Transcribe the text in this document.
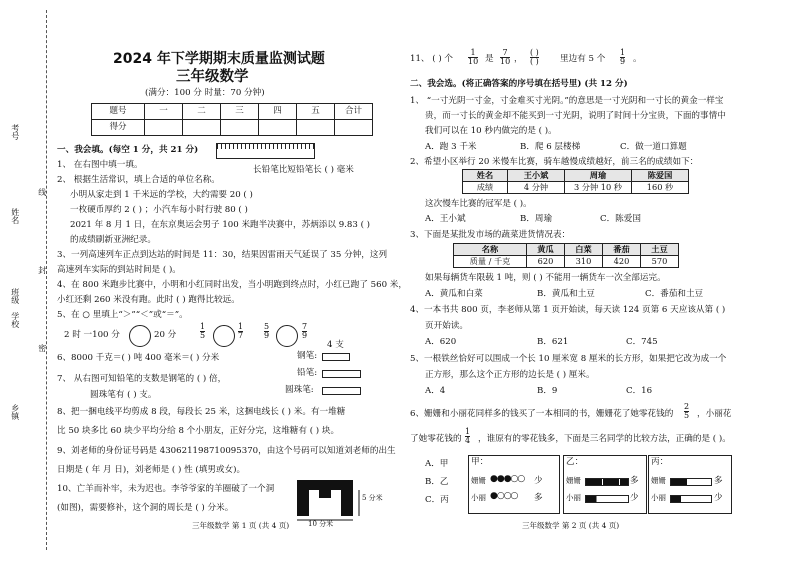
考号
姓名
班级
学校
乡镇
线
封
密
2024 年下学期期末质量监测试题
三年级数学
(满分：100 分 时量：70 分钟)
题号	一	二	三	四	五	合计
得分						
一、我会填。(每空 1 分，共 21 分)
长铅笔比短铅笔长 ( ) 毫米
1、 在右图中填一填。
2、 根据生活常识，填上合适的单位名称。
小明从家走到 1 千米远的学校，大约需要 20 ( )
一枚硬币厚约 2 ( ) ；小汽车每小时行驶 80 ( )
2021 年 8 月 1 日，在东京奥运会男子 100 米跑半决赛中，苏炳添以 9.83 ( )
的成绩刷新亚洲纪录。
3、一列高速列车正点到达站的时间是 11：30，结果因雷雨天气延误了 35 分钟，这列
高速列车实际的到站时间是 ( )。
4、在 800 米跑步比赛中，小明和小红同时出发，当小明跑到终点时，小红已跑了 560 米，
小红还剩 260 米没有跑。此时 ( ) 跑得比较远。
5、在 ○ 里填上“＞”“＜”或“＝”。
2 时 一100 分	20 分	$\frac{1}{5}$	$\frac{1}{7}$	$\frac{5}{9}$	$\frac{7}{9}$
6、8000 千克＝( ) 吨 400 毫米＝( ) 分米
7、 从右图可知铅笔的支数是钢笔的 ( ) 倍，
圆珠笔有 ( ) 支。
4 支
钢笔:
铅笔:
圆珠笔:
8、把一捆电线平均剪成 8 段，每段长 25 米，这捆电线长 ( ) 米。有一堆糖
比 50 块多比 60 块少平均分给 8 个小朋友，正好分完，这堆糖有 ( ) 块。
9、刘老师的身份证号码是 430621198710095370，由这个号码可以知道刘老师的出生
日期是 ( 年 月 日)，刘老师是 ( ) 性 (填男或女)。
10、亡羊而补牢，未为迟也。李爷爷家的羊圈破了一个洞
(如图)，需要修补，这个洞的周长是 ( ) 分米。
5 分米
10 分米
三年级数学 第 1 页 (共 4 页)
11、 ( ) 个 $\frac{1}{10}$ 是 $\frac{7}{10}$ ，
( )
( ) 里边有 5 个 $\frac{1}{9}$ 。
二、我会选。(将正确答案的序号填在括号里) (共 12 分)
1、 “一寸光阴一寸金，寸金难买寸光阴。”的意思是一寸光阴和一寸长的黄金一样宝
贵，而一寸长的黄金却不能买到一寸光阴，说明了时间十分宝贵，下面的事情中
我们可以在 10 秒内做完的是 ( )。
A．跑 3 千米	B．爬 6 层楼梯	C．做一道口算题
2、希望小区举行 20 米慢车比赛，骑车越慢成绩越好，前三名的成绩如下：
姓名	王小斌	周瑜	陈爱国
成绩	4 分钟	3 分钟 10 秒	160 秒
这次慢车比赛的冠军是 ( )。
A．王小斌	B．周瑜	C．陈爱国
3、下面是某批发市场的蔬菜进货情况表：
名称	黄瓜	白菜	番茄	土豆
质量 / 千克	620	310	420	570
如果每辆货车限载 1 吨，则 ( ) 不能用一辆货车一次全部运完。
A．黄瓜和白菜	B．黄瓜和土豆	C．番茄和土豆
4、一本书共 800 页，李老师从第 1 页开始读，每天读 124 页第 6 天应该从第 ( )
页开始读。
A．620	B．621	C．745
5、一根铁丝恰好可以围成一个长 10 厘米宽 8 厘米的长方形，如果把它改为成一个
正方形，那么这个正方形的边长是 ( ) 厘米。
A．4	B．9	C．16
6、姗姗和小丽花同样多的钱买了一本相同的书，姗姗花了她零花钱的 $\frac{2}{5}$ ，小丽花
了她零花钱的 $\frac{1}{4}$ ，谁原有的零花钱多，下面是三名同学的比较方法，正确的是 ( )。
A．甲
B．乙
C．丙
甲：
姗姗 ●●●○○ 少
小丽 ●○○○ 多
乙：
姗姗	多
小丽	少
丙：
姗姗	多
小丽	少
三年级数学 第 2 页 (共 4 页)
